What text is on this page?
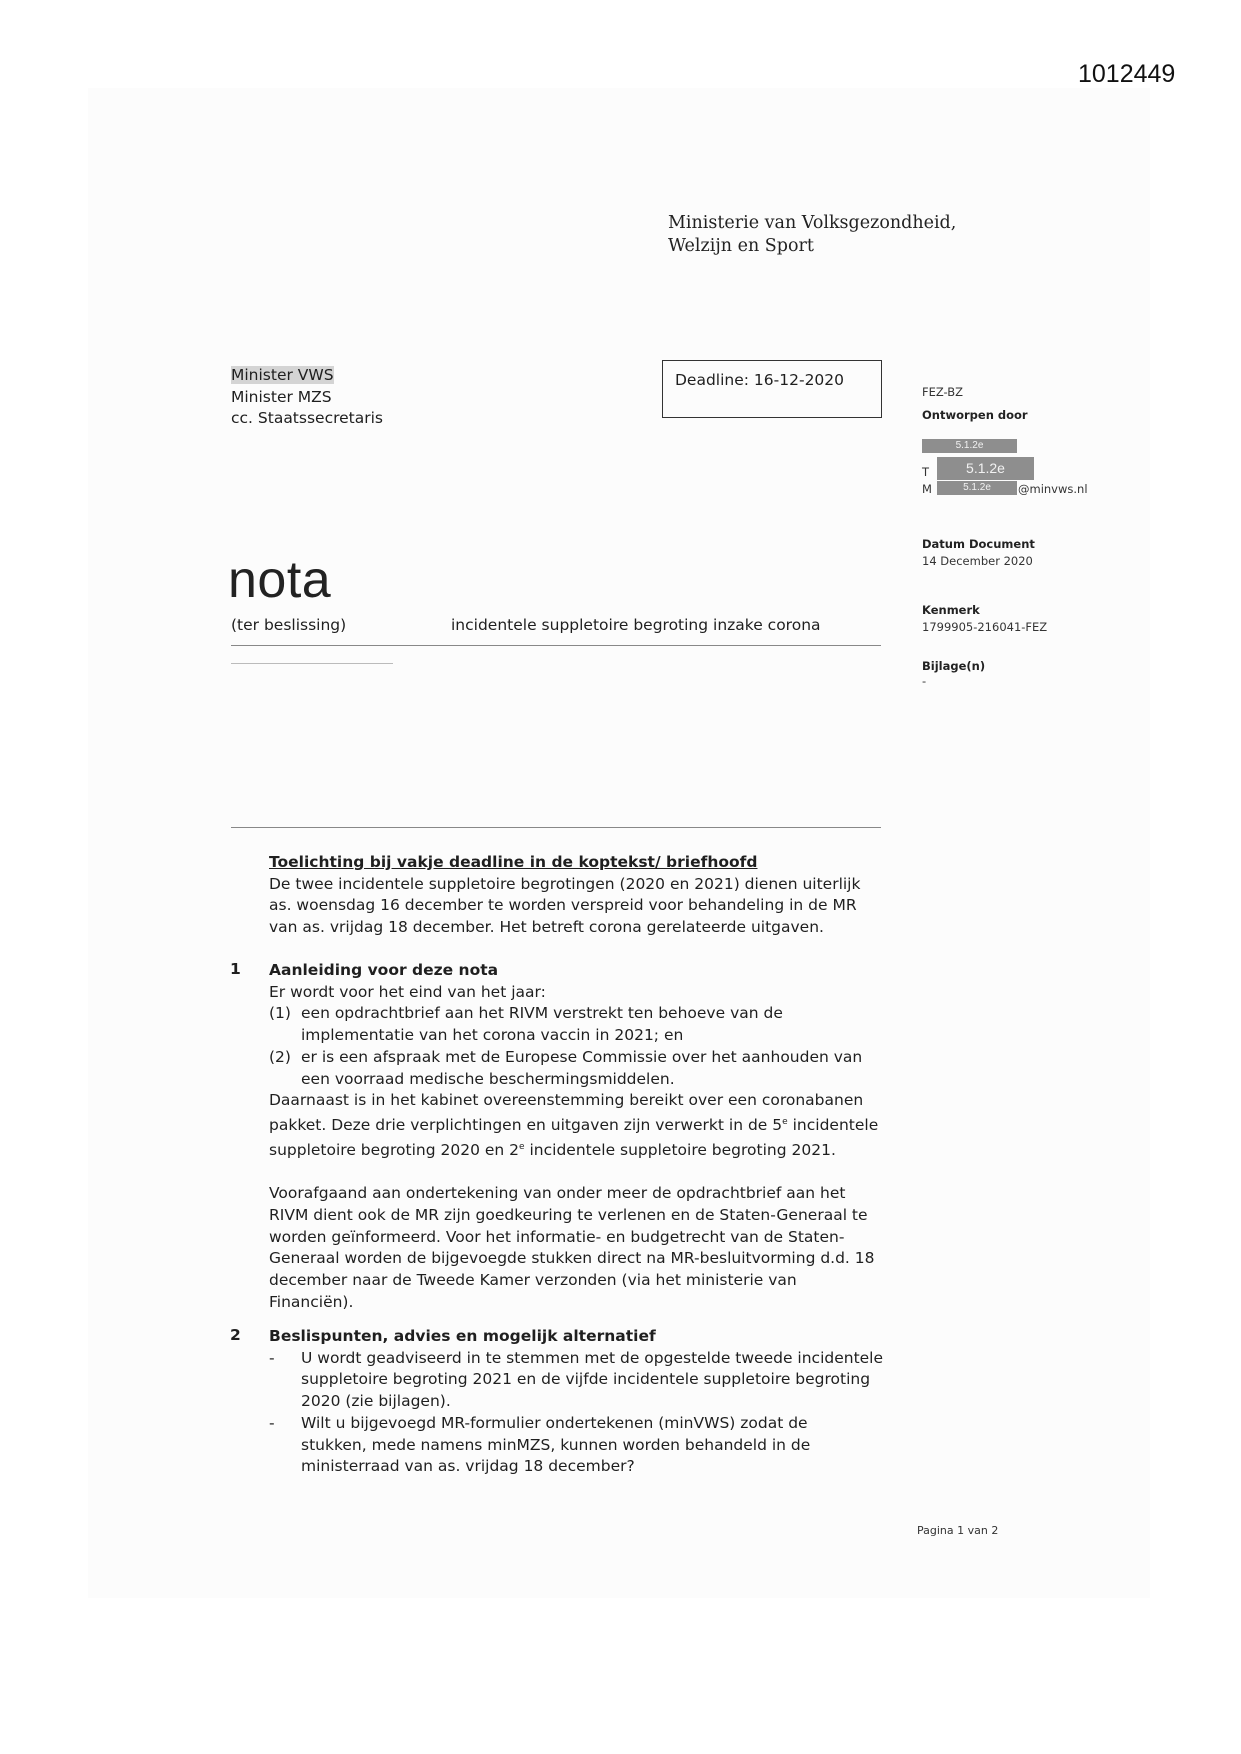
1012449
Ministerie van Volksgezondheid,
Welzijn en Sport
Minister VWS
Minister MZS
cc. Staatssecretaris
Deadline: 16-12-2020
FEZ-BZ
Ontworpen door
5.1.2e
T	5.1.2e
M	5.1.2e	@minvws.nl
Datum Document
14 December 2020
Kenmerk
1799905-216041-FEZ
Bijlage(n)
-
nota
(ter beslissing)	incidentele suppletoire begroting inzake corona
Toelichting bij vakje deadline in de koptekst/ briefhoofd
De twee incidentele suppletoire begrotingen (2020 en 2021) dienen uiterlijk
as. woensdag 16 december te worden verspreid voor behandeling in de MR
van as. vrijdag 18 december. Het betreft corona gerelateerde uitgaven.
1 Aanleiding voor deze nota
Er wordt voor het eind van het jaar:
(1) een opdrachtbrief aan het RIVM verstrekt ten behoeve van de
implementatie van het corona vaccin in 2021; en
(2) er is een afspraak met de Europese Commissie over het aanhouden van
een voorraad medische beschermingsmiddelen.
Daarnaast is in het kabinet overeenstemming bereikt over een coronabanen
pakket. Deze drie verplichtingen en uitgaven zijn verwerkt in de 5e incidentele
suppletoire begroting 2020 en 2e incidentele suppletoire begroting 2021.
Voorafgaand aan ondertekening van onder meer de opdrachtbrief aan het
RIVM dient ook de MR zijn goedkeuring te verlenen en de Staten-Generaal te
worden geïnformeerd. Voor het informatie- en budgetrecht van de Staten-
Generaal worden de bijgevoegde stukken direct na MR-besluitvorming d.d. 18
december naar de Tweede Kamer verzonden (via het ministerie van
Financiën).
2 Beslispunten, advies en mogelijk alternatief
-	U wordt geadviseerd in te stemmen met de opgestelde tweede incidentele
suppletoire begroting 2021 en de vijfde incidentele suppletoire begroting
2020 (zie bijlagen).
-	Wilt u bijgevoegd MR-formulier ondertekenen (minVWS) zodat de
stukken, mede namens minMZS, kunnen worden behandeld in de
ministerraad van as. vrijdag 18 december?
Pagina 1 van 2
